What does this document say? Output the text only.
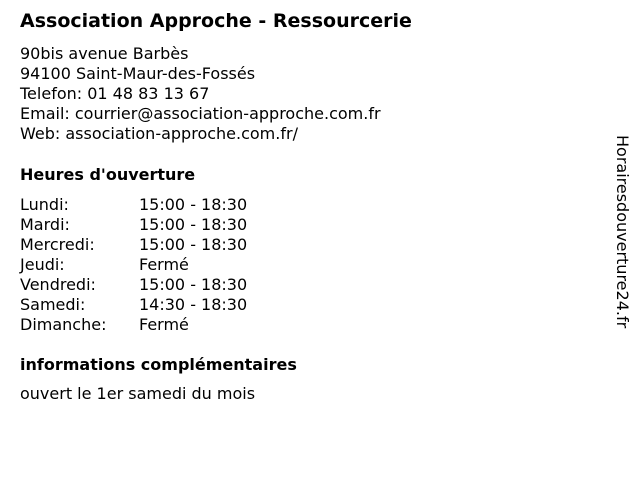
Association Approche - Ressourcerie
90bis avenue Barbès
94100 Saint-Maur-des-Fossés
Telefon: 01 48 83 13 67
Email: courrier@association-approche.com.fr
Web: association-approche.com.fr/
Heures d'ouverture
Lundi:	15:00 - 18:30
Mardi:	15:00 - 18:30
Mercredi:	15:00 - 18:30
Jeudi:	Fermé
Vendredi:	15:00 - 18:30
Samedi:	14:30 - 18:30
Dimanche:	Fermé
informations complémentaires
ouvert le 1er samedi du mois
Horairesdouverture24.fr
